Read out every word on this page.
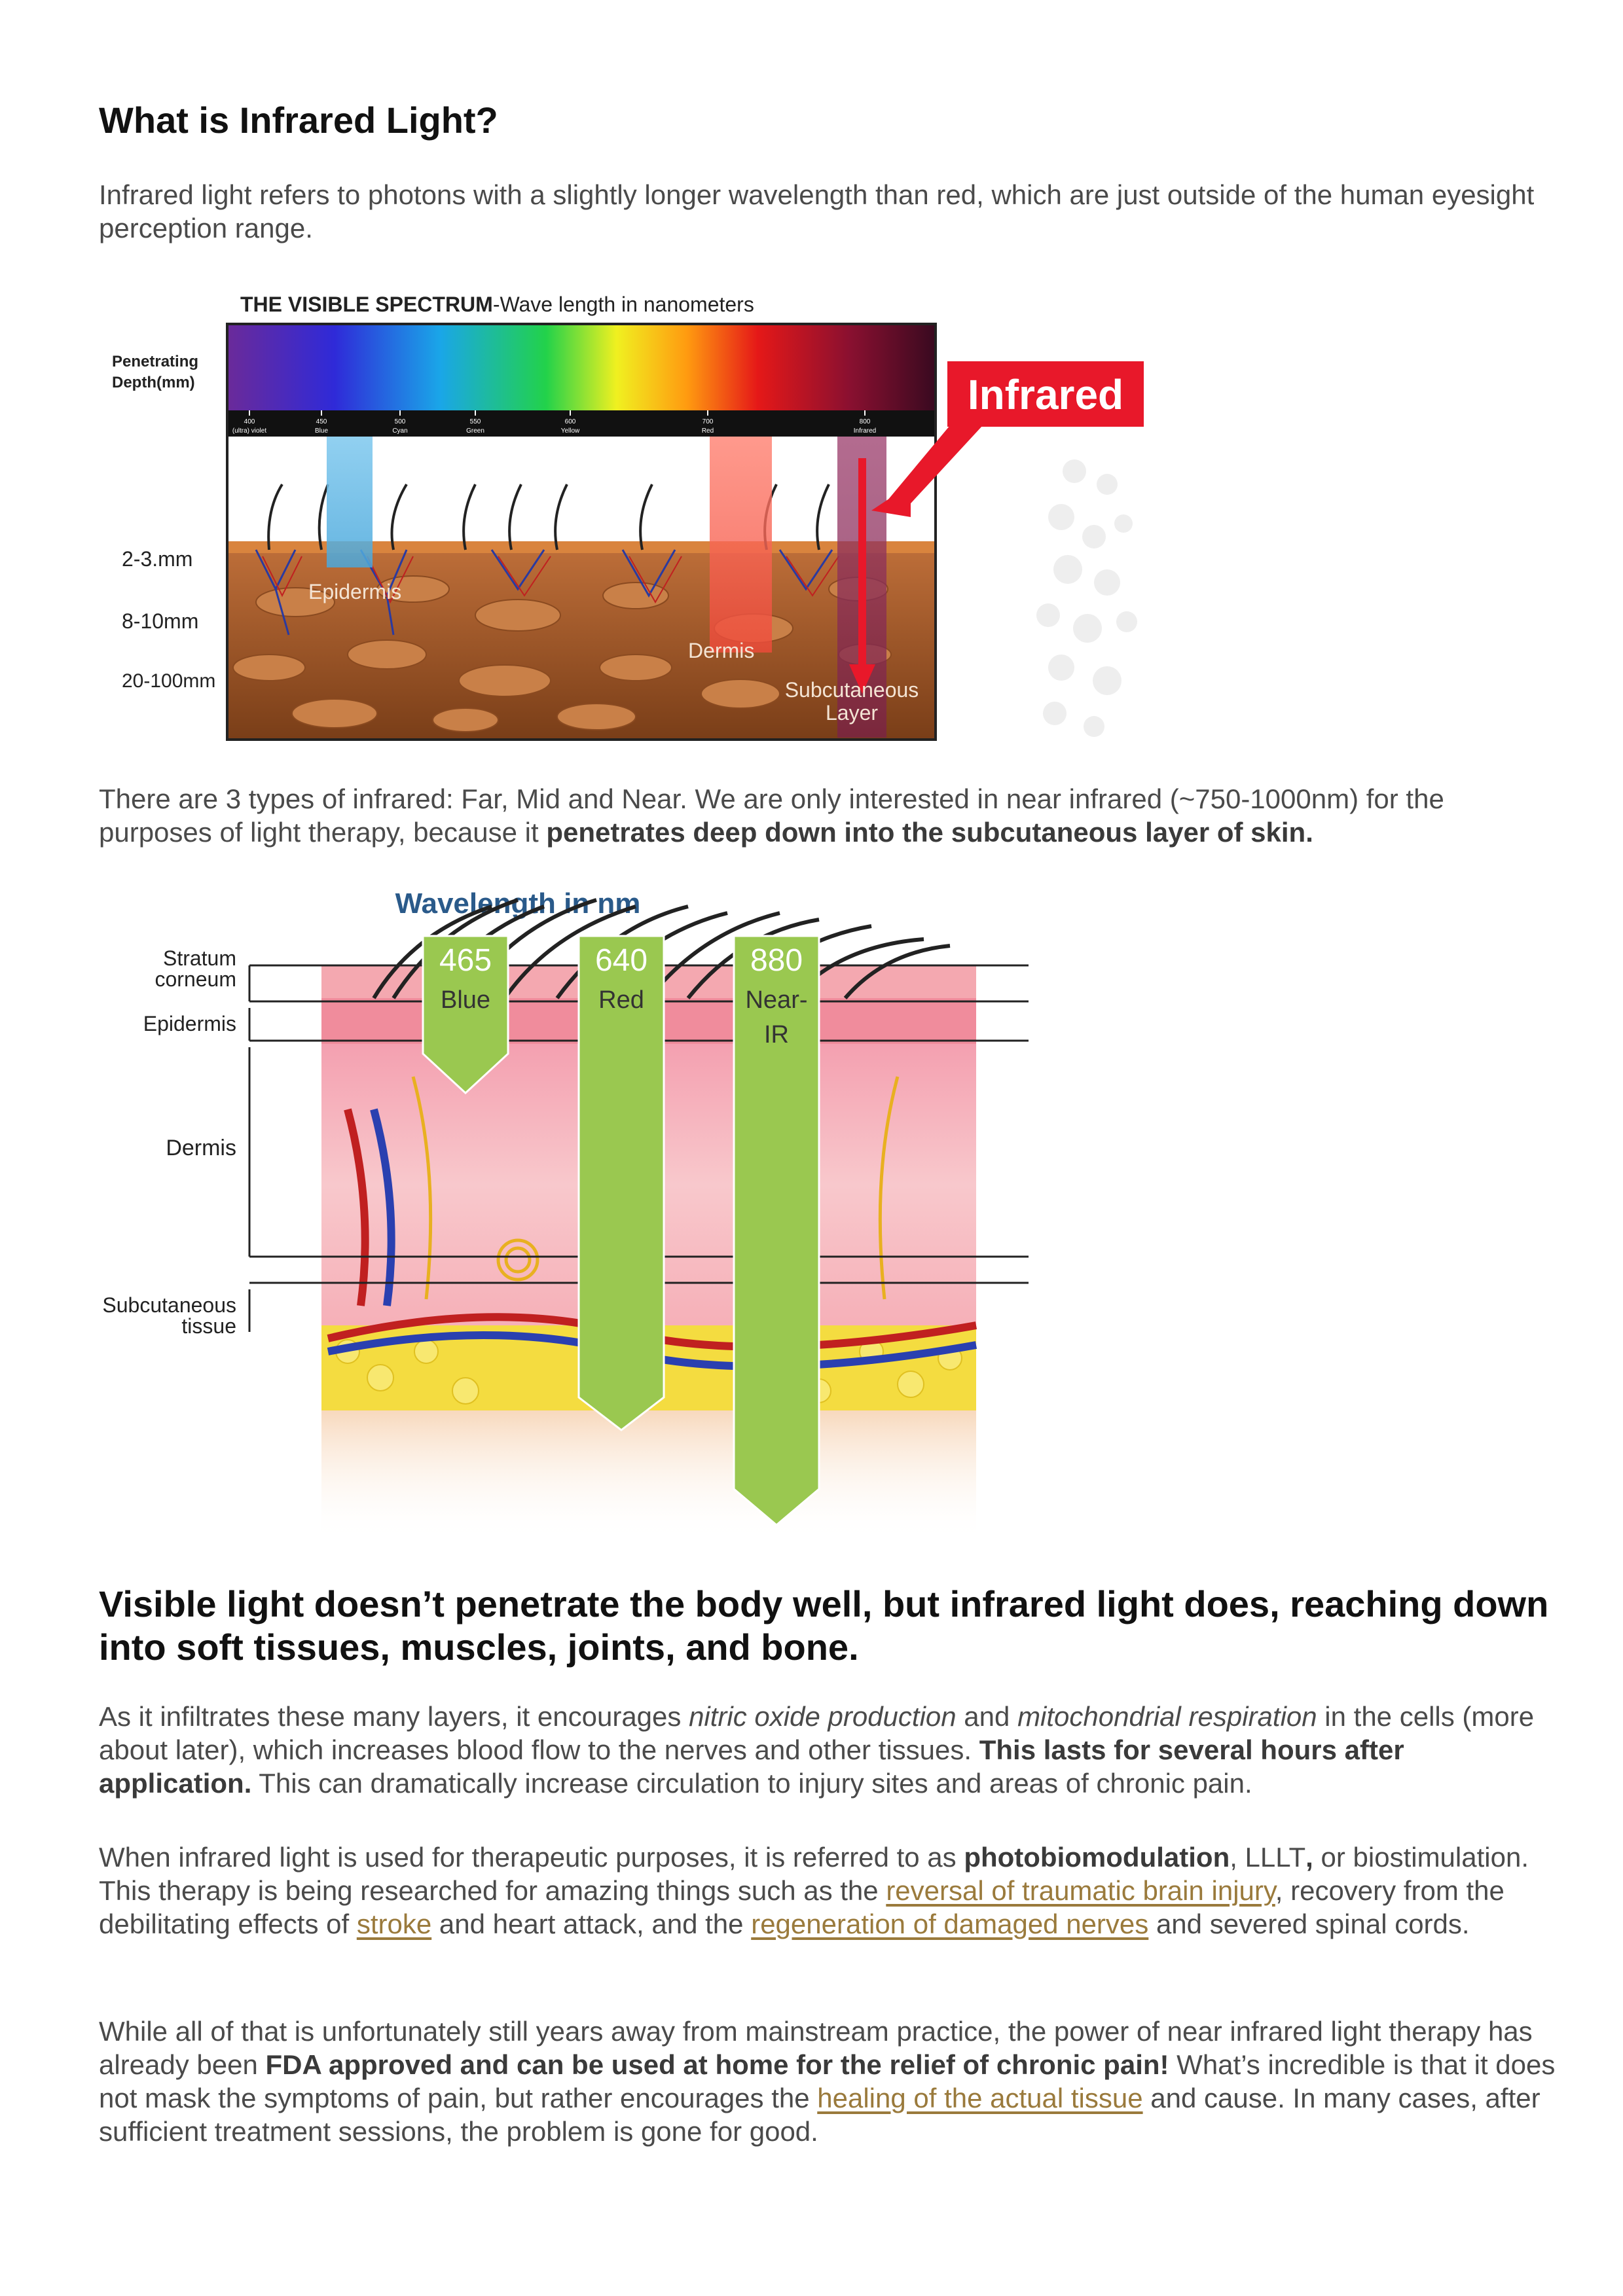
What is Infrared Light?

Infrared light refers to photons with a slightly longer wavelength than red, which are just outside of the human eyesight perception range.

THE VISIBLE SPECTRUM-Wave length in nanometers
Penetrating
Depth(mm)
400
(ultra) violet
450
Blue
500
Cyan
550
Green
600
Yellow
700
Red
800
Infrared
Infrared
2-3.mm
8-10mm
20-100mm
Epidermis
Dermis
Subcutaneous
Layer

There are 3 types of infrared: Far, Mid and Near. We are only interested in near infrared (~750-1000nm) for the purposes of light therapy, because it penetrates deep down into the subcutaneous layer of skin.

Wavelength in nm
Stratum
corneum
Epidermis
Dermis
Subcutaneous
tissue
465
Blue
640
Red
880
Near-
IR
Visible light doesn’t penetrate the body well, but infrared light does, reaching down into soft tissues, muscles, joints, and bone.

As it infiltrates these many layers, it encourages nitric oxide production and mitochondrial respiration in the cells (more about later), which increases blood flow to the nerves and other tissues. This lasts for several hours after application. This can dramatically increase circulation to injury sites and areas of chronic pain.

When infrared light is used for therapeutic purposes, it is referred to as photobiomodulation, LLLT, or biostimulation. This therapy is being researched for amazing things such as the reversal of traumatic brain injury, recovery from the debilitating effects of stroke and heart attack, and the regeneration of damaged nerves and severed spinal cords.

While all of that is unfortunately still years away from mainstream practice, the power of near infrared light therapy has already been FDA approved and can be used at home for the relief of chronic pain! What’s incredible is that it does not mask the symptoms of pain, but rather encourages the healing of the actual tissue and cause. In many cases, after sufficient treatment sessions, the problem is gone for good.
